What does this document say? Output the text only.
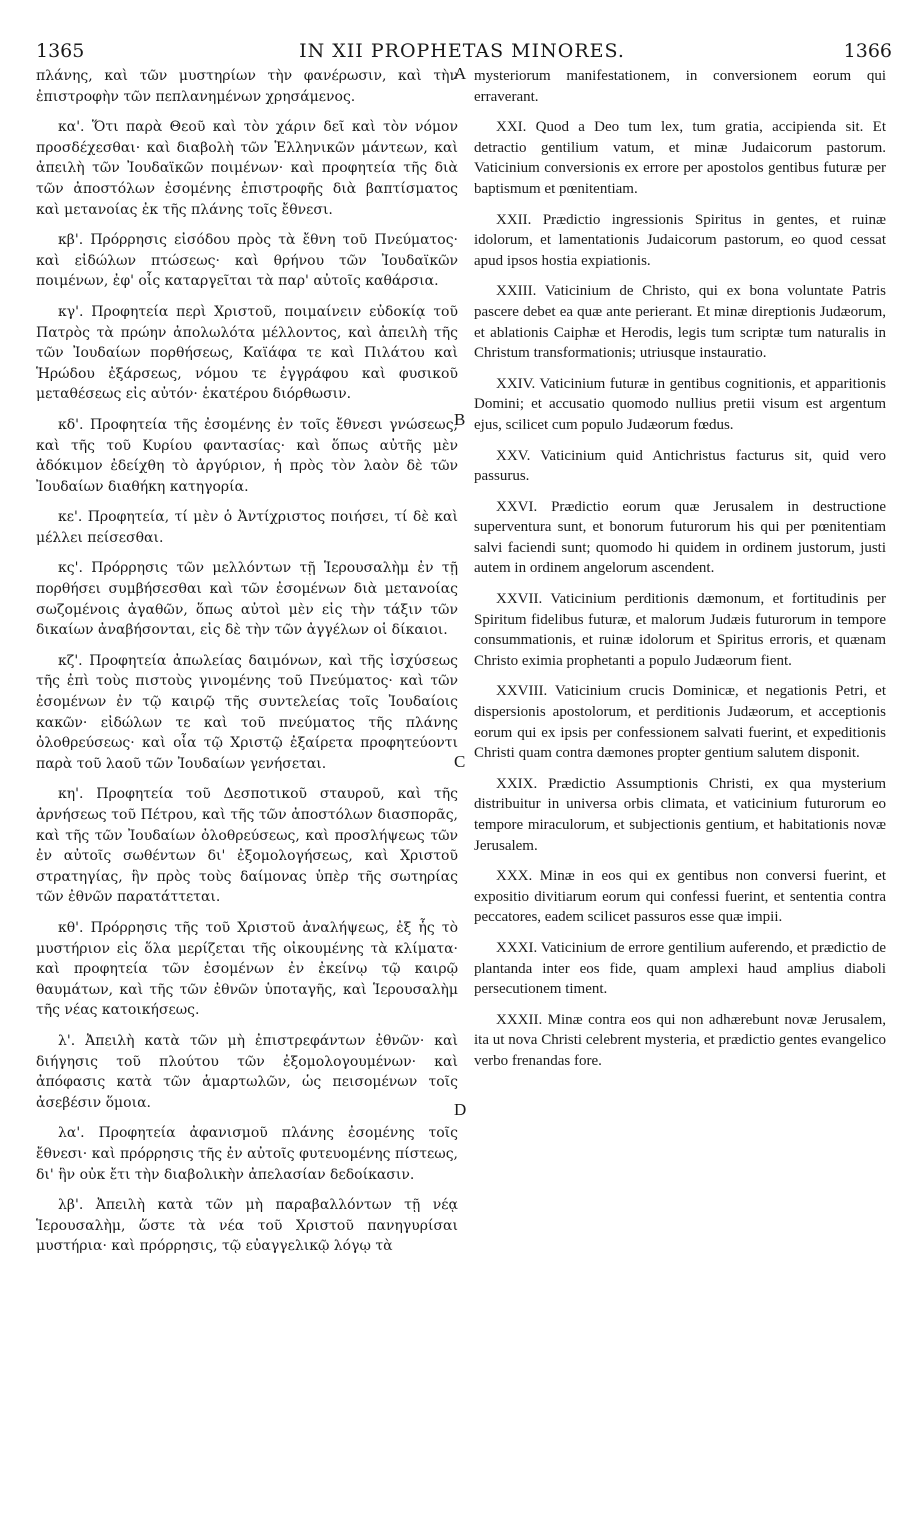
IN XII PROPHETAS MINORES.
1365	1366
A
B
C
D

πλάνης, καὶ τῶν μυστηρίων τὴν φανέρωσιν, καὶ τὴν ἐπιστροφὴν τῶν πεπλανημένων χρησάμενος.

κα'. Ὅτι παρὰ Θεοῦ καὶ τὸν χάριν δεῖ καὶ τὸν νόμον προσδέχεσθαι· καὶ διαβολὴ τῶν Ἑλληνικῶν μάντεων, καὶ ἀπειλὴ τῶν Ἰουδαϊκῶν ποιμένων· καὶ προφητεία τῆς διὰ τῶν ἀποστόλων ἐσομένης ἐπιστροφῆς διὰ βαπτίσματος καὶ μετανοίας ἐκ τῆς πλάνης τοῖς ἔθνεσι.

κβ'. Πρόρρησις εἰσόδου πρὸς τὰ ἔθνη τοῦ Πνεύματος· καὶ εἰδώλων πτώσεως· καὶ θρήνου τῶν Ἰουδαϊκῶν ποιμένων, ἐφ' οἷς καταργεῖται τὰ παρ' αὐτοῖς καθάρσια.

κγ'. Προφητεία περὶ Χριστοῦ, ποιμαίνειν εὐδοκίᾳ τοῦ Πατρὸς τὰ πρώην ἀπολωλότα μέλλοντος, καὶ ἀπειλὴ τῆς τῶν Ἰουδαίων πορθήσεως, Καϊάφα τε καὶ Πιλάτου καὶ Ἡρώδου ἐξάρσεως, νόμου τε ἐγγράφου καὶ φυσικοῦ μεταθέσεως εἰς αὐτόν· ἑκατέρου διόρθωσιν.

κδ'. Προφητεία τῆς ἐσομένης ἐν τοῖς ἔθνεσι γνώσεως, καὶ τῆς τοῦ Κυρίου φαντασίας· καὶ ὅπως αὐτῆς μὲν ἀδόκιμον ἐδείχθη τὸ ἀργύριον, ἡ πρὸς τὸν λαὸν δὲ τῶν Ἰουδαίων διαθήκη κατηγορία.

κε'. Προφητεία, τί μὲν ὁ Ἀντίχριστος ποιήσει, τί δὲ καὶ μέλλει πείσεσθαι.

κς'. Πρόρρησις τῶν μελλόντων τῇ Ἱερουσαλὴμ ἐν τῇ πορθήσει συμβήσεσθαι καὶ τῶν ἐσομένων διὰ μετανοίας σωζομένοις ἀγαθῶν, ὅπως αὐτοὶ μὲν εἰς τὴν τάξιν τῶν δικαίων ἀναβήσονται, εἰς δὲ τὴν τῶν ἀγγέλων οἱ δίκαιοι.

κζ'. Προφητεία ἀπωλείας δαιμόνων, καὶ τῆς ἰσχύσεως τῆς ἐπὶ τοὺς πιστοὺς γινομένης τοῦ Πνεύματος· καὶ τῶν ἐσομένων ἐν τῷ καιρῷ τῆς συντελείας τοῖς Ἰουδαίοις κακῶν· εἰδώλων τε καὶ τοῦ πνεύματος τῆς πλάνης ὀλοθρεύσεως· καὶ οἷα τῷ Χριστῷ ἐξαίρετα προφητεύοντι παρὰ τοῦ λαοῦ τῶν Ἰουδαίων γενήσεται.

κη'. Προφητεία τοῦ Δεσποτικοῦ σταυροῦ, καὶ τῆς ἀρνήσεως τοῦ Πέτρου, καὶ τῆς τῶν ἀποστόλων διασπορᾶς, καὶ τῆς τῶν Ἰουδαίων ὀλοθρεύσεως, καὶ προσλήψεως τῶν ἐν αὐτοῖς σωθέντων δι' ἐξομολογήσεως, καὶ Χριστοῦ στρατηγίας, ἣν πρὸς τοὺς δαίμονας ὑπὲρ τῆς σωτηρίας τῶν ἐθνῶν παρατάττεται.

κθ'. Πρόρρησις τῆς τοῦ Χριστοῦ ἀναλήψεως, ἐξ ἧς τὸ μυστήριον εἰς ὅλα μερίζεται τῆς οἰκουμένης τὰ κλίματα· καὶ προφητεία τῶν ἐσομένων ἐν ἐκείνῳ τῷ καιρῷ θαυμάτων, καὶ τῆς τῶν ἐθνῶν ὑποταγῆς, καὶ Ἱερουσαλὴμ τῆς νέας κατοικήσεως.

λ'. Ἀπειλὴ κατὰ τῶν μὴ ἐπιστρεφάντων ἐθνῶν· καὶ διήγησις τοῦ πλούτου τῶν ἐξομολογουμένων· καὶ ἀπόφασις κατὰ τῶν ἁμαρτωλῶν, ὡς πεισομένων τοῖς ἀσεβέσιν ὅμοια.

λα'. Προφητεία ἀφανισμοῦ πλάνης ἐσομένης τοῖς ἔθνεσι· καὶ πρόρρησις τῆς ἐν αὐτοῖς φυτευομένης πίστεως, δι' ἣν οὐκ ἔτι τὴν διαβολικὴν ἀπελασίαν δεδοίκασιν.

λβ'. Ἀπειλὴ κατὰ τῶν μὴ παραβαλλόντων τῇ νέᾳ Ἱερουσαλὴμ, ὥστε τὰ νέα τοῦ Χριστοῦ πανηγυρίσαι μυστήρια· καὶ πρόρρησις, τῷ εὐαγγελικῷ λόγῳ τὰ

mysteriorum manifestationem, in conversionem eorum qui erraverant.

XXI. Quod a Deo tum lex, tum gratia, accipienda sit. Et detractio gentilium vatum, et minæ Judaicorum pastorum. Vaticinium conversionis ex errore per apostolos gentibus futuræ per baptismum et pœnitentiam.

XXII. Prædictio ingressionis Spiritus in gentes, et ruinæ idolorum, et lamentationis Judaicorum pastorum, eo quod cessat apud ipsos hostia expiationis.

XXIII. Vaticinium de Christo, qui ex bona voluntate Patris pascere debet ea quæ ante perierant. Et minæ direptionis Judæorum, et ablationis Caiphæ et Herodis, legis tum scriptæ tum naturalis in Christum transformationis; utriusque instauratio.

XXIV. Vaticinium futuræ in gentibus cognitionis, et apparitionis Domini; et accusatio quomodo nullius pretii visum est argentum ejus, scilicet cum populo Judæorum fœdus.

XXV. Vaticinium quid Antichristus facturus sit, quid vero passurus.

XXVI. Prædictio eorum quæ Jerusalem in destructione superventura sunt, et bonorum futurorum his qui per pœnitentiam salvi faciendi sunt; quomodo hi quidem in ordinem justorum, justi autem in ordinem angelorum ascendent.

XXVII. Vaticinium perditionis dæmonum, et fortitudinis per Spiritum fidelibus futuræ, et malorum Judæis futurorum in tempore consummationis, et ruinæ idolorum et Spiritus erroris, et quænam Christo eximia prophetanti a populo Judæorum fient.

XXVIII. Vaticinium crucis Dominicæ, et negationis Petri, et dispersionis apostolorum, et perditionis Judæorum, et acceptionis eorum qui ex ipsis per confessionem salvati fuerint, et expeditionis Christi quam contra dæmones propter gentium salutem disponit.

XXIX. Prædictio Assumptionis Christi, ex qua mysterium distribuitur in universa orbis climata, et vaticinium futurorum eo tempore miraculorum, et subjectionis gentium, et habitationis novæ Jerusalem.

XXX. Minæ in eos qui ex gentibus non conversi fuerint, et expositio divitiarum eorum qui confessi fuerint, et sententia contra peccatores, eadem scilicet passuros esse quæ impii.

XXXI. Vaticinium de errore gentilium auferendo, et prædictio de plantanda inter eos fide, quam amplexi haud amplius diaboli persecutionem timent.

XXXII. Minæ contra eos qui non adhærebunt novæ Jerusalem, ita ut nova Christi celebrent mysteria, et prædictio gentes evangelico verbo frenandas fore.
